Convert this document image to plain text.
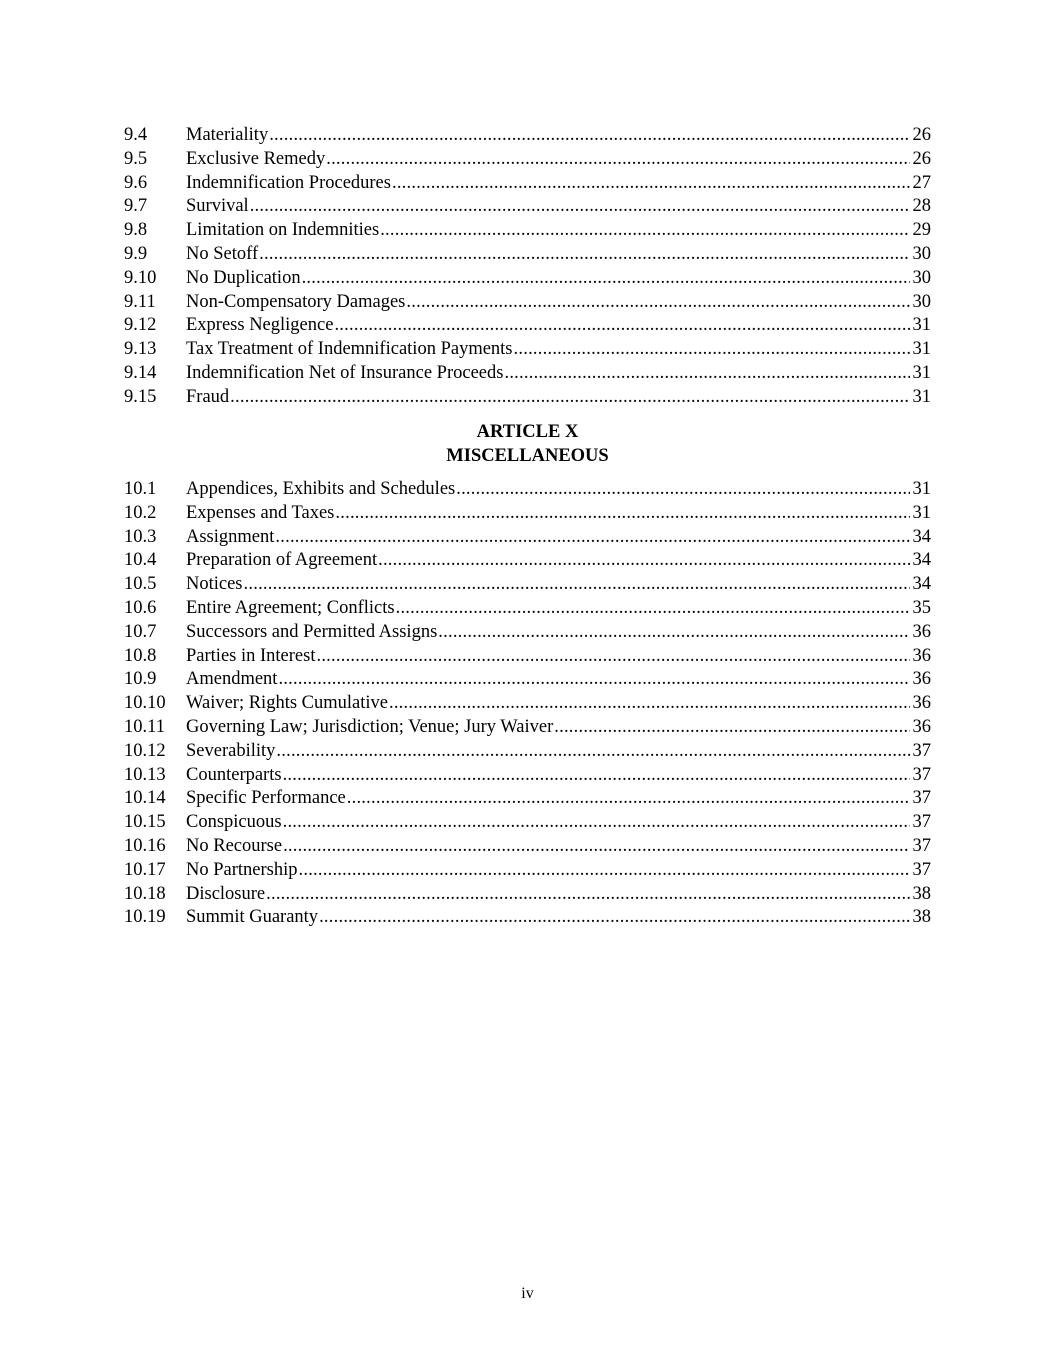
9.4	Materiality . . .	26
9.5	Exclusive Remedy . . .	26
9.6	Indemnification Procedures . . .	27
9.7	Survival . . .	28
9.8	Limitation on Indemnities . . .	29
9.9	No Setoff . . .	30
9.10	No Duplication . . .	30
9.11	Non-Compensatory Damages . . .	30
9.12	Express Negligence . . .	31
9.13	Tax Treatment of Indemnification Payments . . .	31
9.14	Indemnification Net of Insurance Proceeds . . .	31
9.15	Fraud . . .	31
ARTICLE X
MISCELLANEOUS
10.1	Appendices, Exhibits and Schedules . . .	31
10.2	Expenses and Taxes . . .	31
10.3	Assignment . . .	34
10.4	Preparation of Agreement . . .	34
10.5	Notices . . .	34
10.6	Entire Agreement; Conflicts . . .	35
10.7	Successors and Permitted Assigns . . .	36
10.8	Parties in Interest . . .	36
10.9	Amendment . . .	36
10.10	Waiver; Rights Cumulative . . .	36
10.11	Governing Law; Jurisdiction; Venue; Jury Waiver . . .	36
10.12	Severability . . .	37
10.13	Counterparts . . .	37
10.14	Specific Performance . . .	37
10.15	Conspicuous . . .	37
10.16	No Recourse . . .	37
10.17	No Partnership . . .	37
10.18	Disclosure . . .	38
10.19	Summit Guaranty . . .	38
iv
